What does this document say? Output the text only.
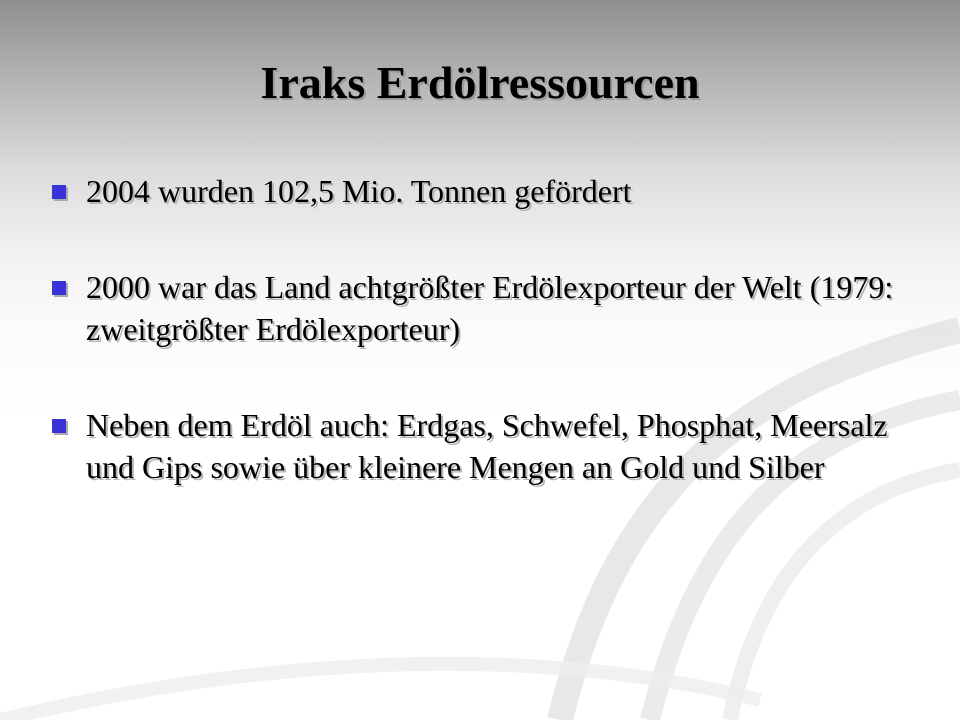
Iraks Erdölressourcen
2004 wurden 102,5 Mio. Tonnen gefördert
2000 war das Land achtgrößter Erdölexporteur der Welt (1979: zweitgrößter Erdölexporteur)
Neben dem Erdöl auch: Erdgas, Schwefel, Phosphat, Meersalz und Gips sowie über kleinere Mengen an Gold und Silber
